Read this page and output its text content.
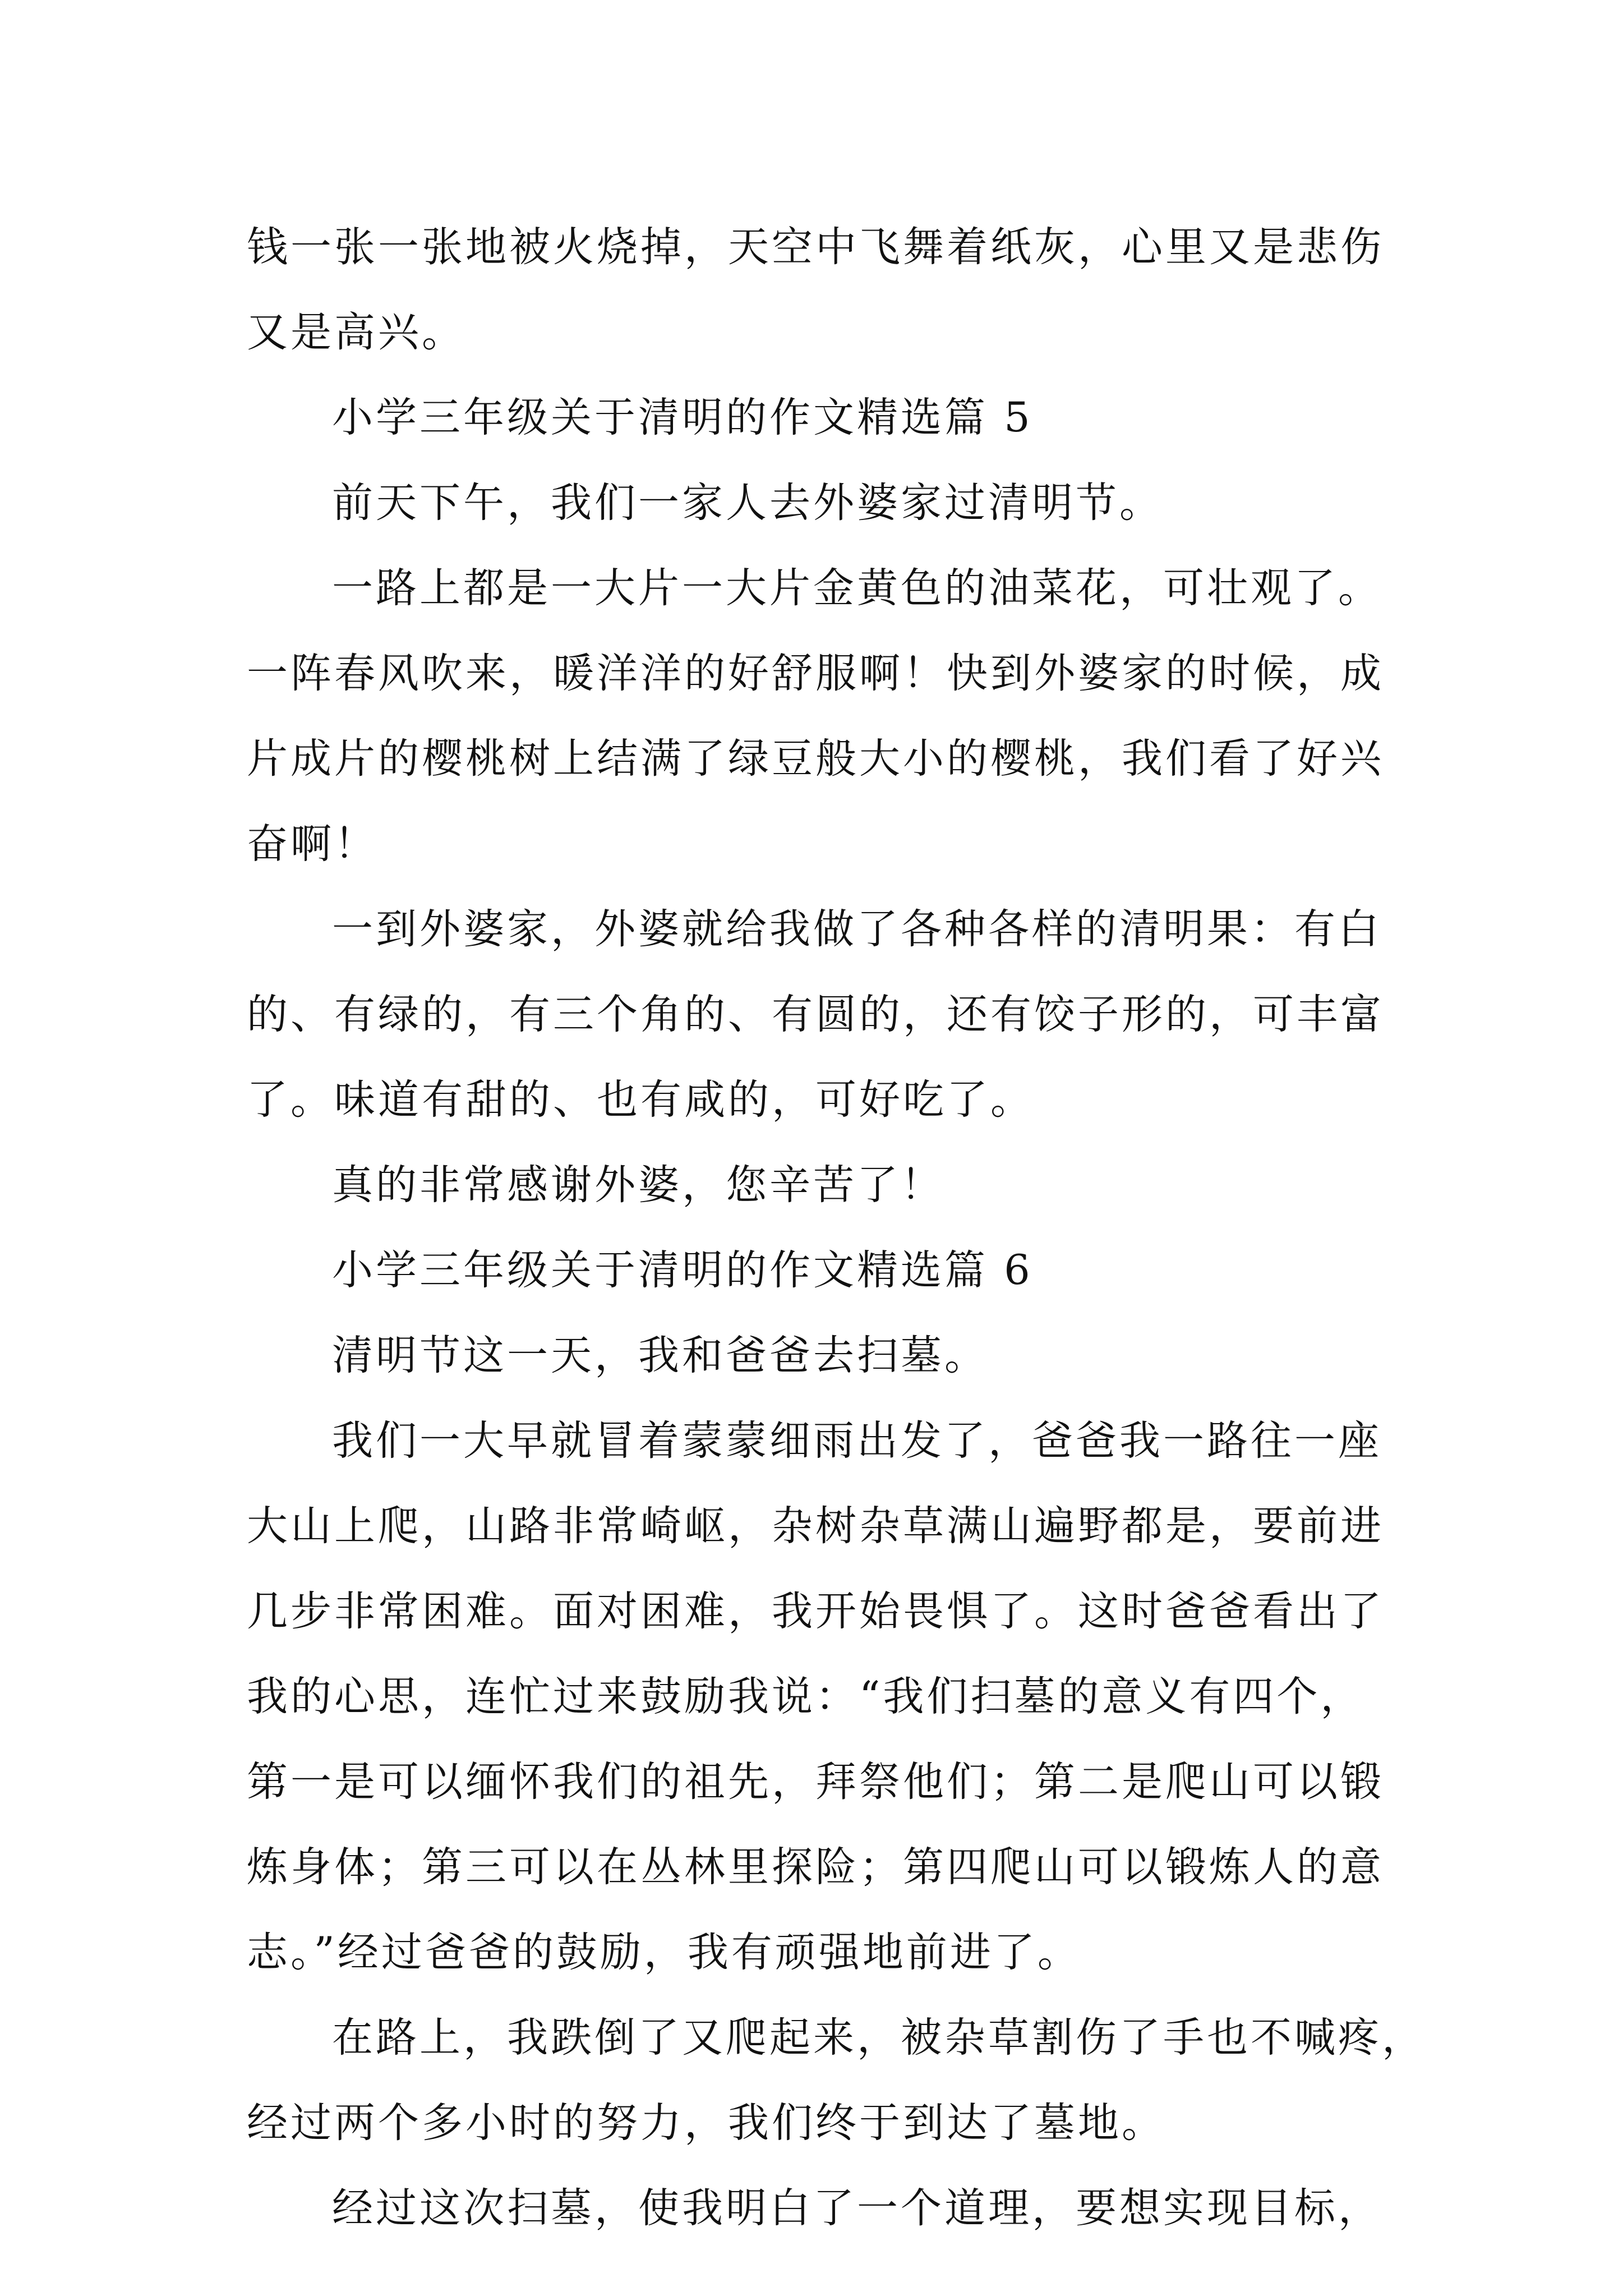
钱一张一张地被火烧掉，天空中飞舞着纸灰，心里又是悲伤
又是高兴。
小学三年级关于清明的作文精选篇 5
前天下午，我们一家人去外婆家过清明节。
一路上都是一大片一大片金黄色的油菜花，可壮观了。
一阵春风吹来，暖洋洋的好舒服啊！快到外婆家的时候，成
片成片的樱桃树上结满了绿豆般大小的樱桃，我们看了好兴
奋啊！
一到外婆家，外婆就给我做了各种各样的清明果：有白
的、有绿的，有三个角的、有圆的，还有饺子形的，可丰富
了。味道有甜的、也有咸的，可好吃了。
真的非常感谢外婆，您辛苦了！
小学三年级关于清明的作文精选篇 6
清明节这一天，我和爸爸去扫墓。
我们一大早就冒着蒙蒙细雨出发了，爸爸我一路往一座
大山上爬，山路非常崎岖，杂树杂草满山遍野都是，要前进
几步非常困难。面对困难，我开始畏惧了。这时爸爸看出了
我的心思，连忙过来鼓励我说：“我们扫墓的意义有四个，
第一是可以缅怀我们的祖先，拜祭他们；第二是爬山可以锻
炼身体；第三可以在丛林里探险；第四爬山可以锻炼人的意
志。”经过爸爸的鼓励，我有顽强地前进了。
在路上，我跌倒了又爬起来，被杂草割伤了手也不喊疼，
经过两个多小时的努力，我们终于到达了墓地。
经过这次扫墓，使我明白了一个道理，要想实现目标，
